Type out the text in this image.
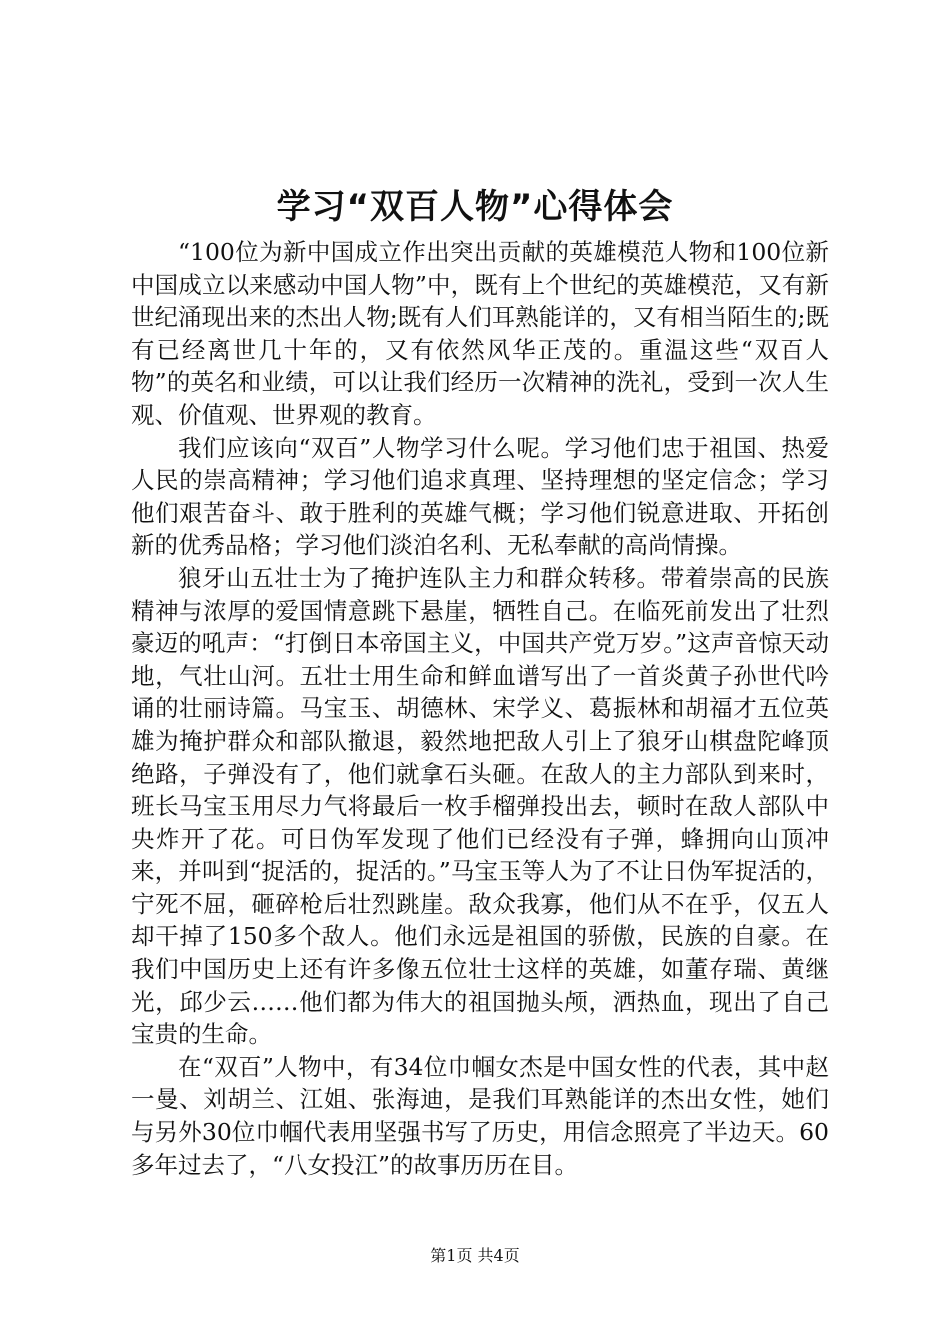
学习“双百人物”心得体会

“100位为新中国成立作出突出贡献的英雄模范人物和100位新中国成立以来感动中国人物”中，既有上个世纪的英雄模范，又有新世纪涌现出来的杰出人物;既有人们耳熟能详的，又有相当陌生的;既有已经离世几十年的，又有依然风华正茂的。重温这些“双百人物”的英名和业绩，可以让我们经历一次精神的洗礼，受到一次人生观、价值观、世界观的教育。

我们应该向“双百”人物学习什么呢。学习他们忠于祖国、热爱人民的崇高精神；学习他们追求真理、坚持理想的坚定信念；学习他们艰苦奋斗、敢于胜利的英雄气概；学习他们锐意进取、开拓创新的优秀品格；学习他们淡泊名利、无私奉献的高尚情操。

狼牙山五壮士为了掩护连队主力和群众转移。带着崇高的民族精神与浓厚的爱国情意跳下悬崖，牺牲自己。在临死前发出了壮烈豪迈的吼声：“打倒日本帝国主义，中国共产党万岁。”这声音惊天动地，气壮山河。五壮士用生命和鲜血谱写出了一首炎黄子孙世代吟诵的壮丽诗篇。马宝玉、胡德林、宋学义、葛振林和胡福才五位英雄为掩护群众和部队撤退，毅然地把敌人引上了狼牙山棋盘陀峰顶绝路，子弹没有了，他们就拿石头砸。在敌人的主力部队到来时，班长马宝玉用尽力气将最后一枚手榴弹投出去，顿时在敌人部队中央炸开了花。可日伪军发现了他们已经没有子弹，蜂拥向山顶冲来，并叫到“捉活的，捉活的。”马宝玉等人为了不让日伪军捉活的，宁死不屈，砸碎枪后壮烈跳崖。敌众我寡，他们从不在乎，仅五人却干掉了150多个敌人。他们永远是祖国的骄傲，民族的自豪。在我们中国历史上还有许多像五位壮士这样的英雄，如董存瑞、黄继光，邱少云……他们都为伟大的祖国抛头颅，洒热血，现出了自己宝贵的生命。

在“双百”人物中，有34位巾帼女杰是中国女性的代表，其中赵一曼、刘胡兰、江姐、张海迪，是我们耳熟能详的杰出女性，她们与另外30位巾帼代表用坚强书写了历史，用信念照亮了半边天。60多年过去了，“八女投江”的故事历历在目。

第1页 共4页
